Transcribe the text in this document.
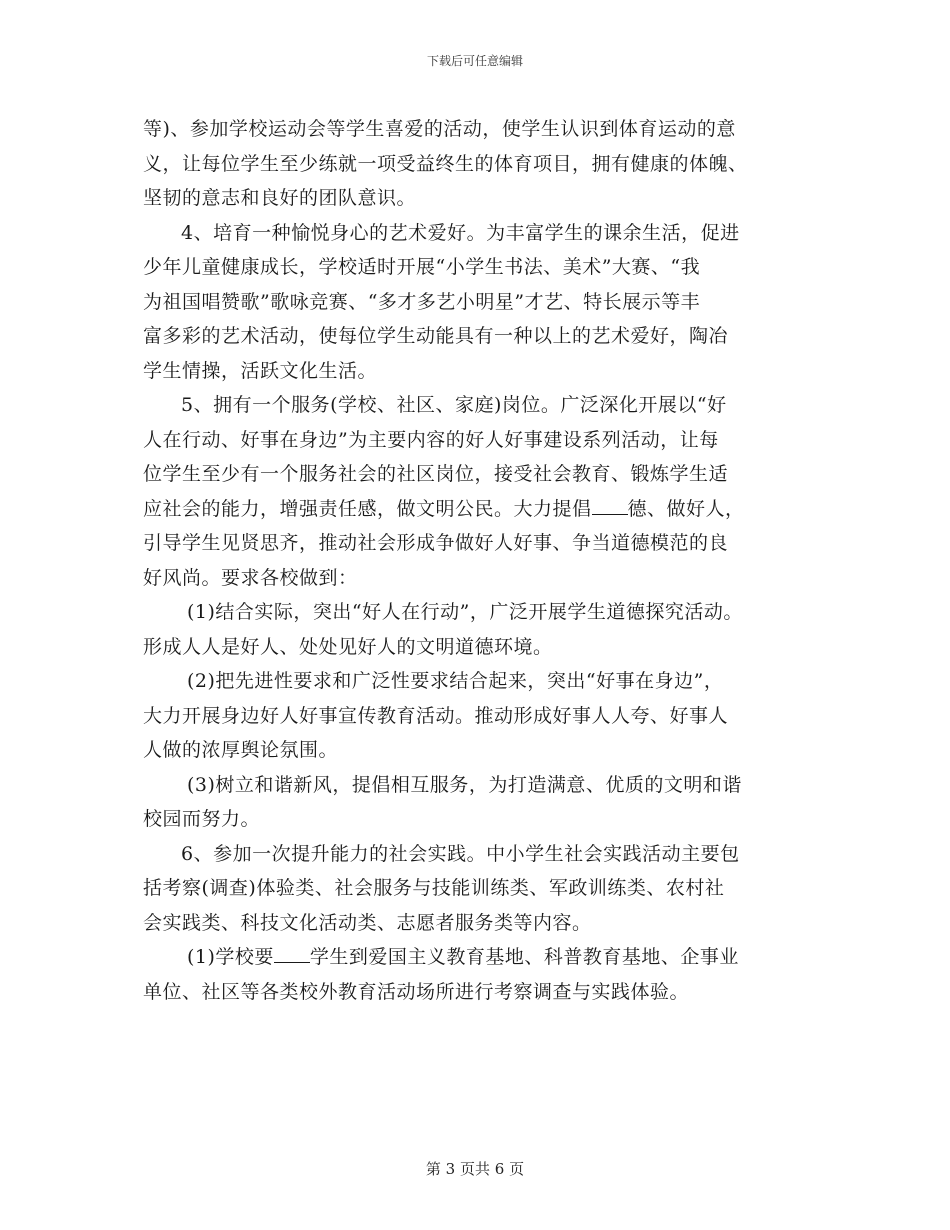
下载后可任意编辑
等)、参加学校运动会等学生喜爱的活动，使学生认识到体育运动的意
义，让每位学生至少练就一项受益终生的体育项目，拥有健康的体魄、
坚韧的意志和良好的团队意识。
4、培育一种愉悦身心的艺术爱好。为丰富学生的课余生活，促进
少年儿童健康成长，学校适时开展“小学生书法、美术”大赛、“我
为祖国唱赞歌”歌咏竞赛、“多才多艺小明星”才艺、特长展示等丰
富多彩的艺术活动，使每位学生动能具有一种以上的艺术爱好，陶冶
学生情操，活跃文化生活。
5、拥有一个服务(学校、社区、家庭)岗位。广泛深化开展以“好
人在行动、好事在身边”为主要内容的好人好事建设系列活动，让每
位学生至少有一个服务社会的社区岗位，接受社会教育、锻炼学生适
应社会的能力，增强责任感，做文明公民。大力提倡 德、做好人，
引导学生见贤思齐，推动社会形成争做好人好事、争当道德模范的良
好风尚。要求各校做到：
(1)结合实际，突出“好人在行动”，广泛开展学生道德探究活动。
形成人人是好人、处处见好人的文明道德环境。
(2)把先进性要求和广泛性要求结合起来，突出“好事在身边”，
大力开展身边好人好事宣传教育活动。推动形成好事人人夸、好事人
人做的浓厚舆论氛围。
(3)树立和谐新风，提倡相互服务，为打造满意、优质的文明和谐
校园而努力。
6、参加一次提升能力的社会实践。中小学生社会实践活动主要包
括考察(调查)体验类、社会服务与技能训练类、军政训练类、农村社
会实践类、科技文化活动类、志愿者服务类等内容。
(1)学校要 学生到爱国主义教育基地、科普教育基地、企事业
单位、社区等各类校外教育活动场所进行考察调查与实践体验。
第 3 页共 6 页
